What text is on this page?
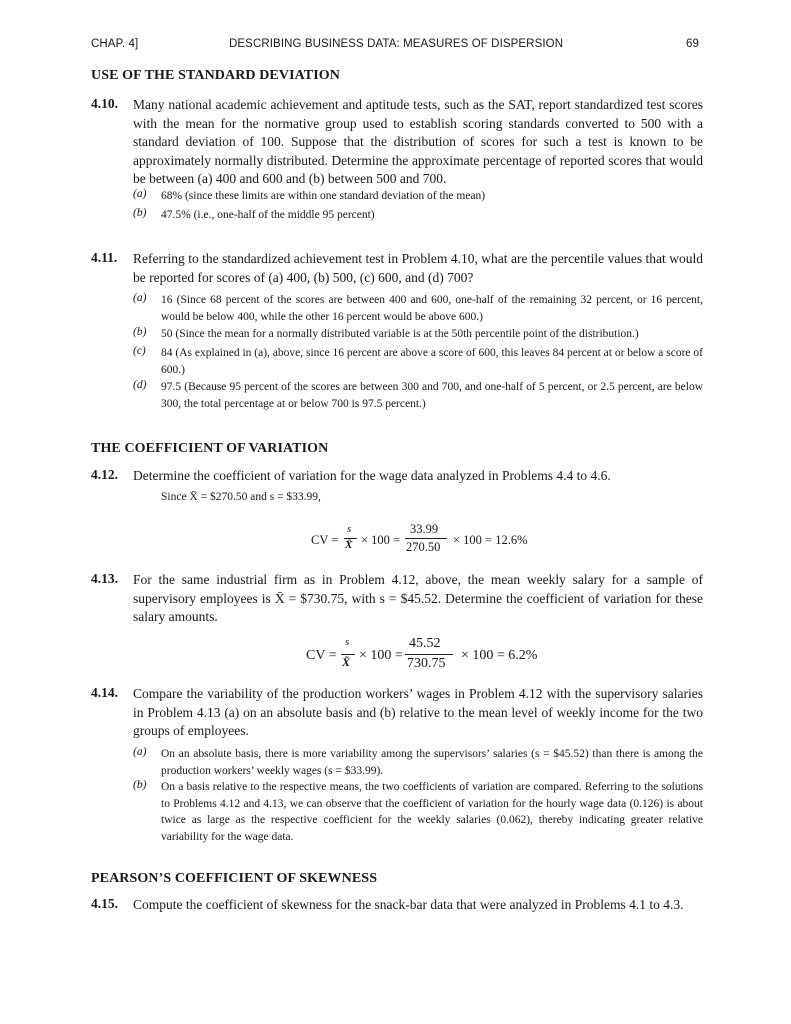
CHAP. 4]	DESCRIBING BUSINESS DATA: MEASURES OF DISPERSION	69
USE OF THE STANDARD DEVIATION
4.10. Many national academic achievement and aptitude tests, such as the SAT, report standardized test scores with the mean for the normative group used to establish scoring standards converted to 500 with a standard deviation of 100. Suppose that the distribution of scores for such a test is known to be approximately normally distributed. Determine the approximate percentage of reported scores that would be between (a) 400 and 600 and (b) between 500 and 700.
(a) 68% (since these limits are within one standard deviation of the mean)
(b) 47.5% (i.e., one-half of the middle 95 percent)
4.11. Referring to the standardized achievement test in Problem 4.10, what are the percentile values that would be reported for scores of (a) 400, (b) 500, (c) 600, and (d) 700?
(a) 16 (Since 68 percent of the scores are between 400 and 600, one-half of the remaining 32 percent, or 16 percent, would be below 400, while the other 16 percent would be above 600.)
(b) 50 (Since the mean for a normally distributed variable is at the 50th percentile point of the distribution.)
(c) 84 (As explained in (a), above, since 16 percent are above a score of 600, this leaves 84 percent at or below a score of 600.)
(d) 97.5 (Because 95 percent of the scores are between 300 and 700, and one-half of 5 percent, or 2.5 percent, are below 300, the total percentage at or below 700 is 97.5 percent.)
THE COEFFICIENT OF VARIATION
4.12. Determine the coefficient of variation for the wage data analyzed in Problems 4.4 to 4.6.
Since X̄ = $270.50 and s = $33.99,
CV =
s
X̄ × 100 =
33.99
270.50 × 100 = 12.6%
4.13. For the same industrial firm as in Problem 4.12, above, the mean weekly salary for a sample of supervisory employees is X̄ = $730.75, with s = $45.52. Determine the coefficient of variation for these salary amounts.
CV =
s
X̄ × 100 =
45.52
730.75
× 100 = 6.2%
4.14. Compare the variability of the production workers’ wages in Problem 4.12 with the supervisory salaries in Problem 4.13 (a) on an absolute basis and (b) relative to the mean level of weekly income for the two groups of employees.
(a) On an absolute basis, there is more variability among the supervisors’ salaries (s = $45.52) than there is among the production workers’ weekly wages (s = $33.99).
(b) On a basis relative to the respective means, the two coefficients of variation are compared. Referring to the solutions to Problems 4.12 and 4.13, we can observe that the coefficient of variation for the hourly wage data (0.126) is about twice as large as the respective coefficient for the weekly salaries (0.062), thereby indicating greater relative variability for the wage data.
PEARSON’S COEFFICIENT OF SKEWNESS
4.15. Compute the coefficient of skewness for the snack-bar data that were analyzed in Problems 4.1 to 4.3.
